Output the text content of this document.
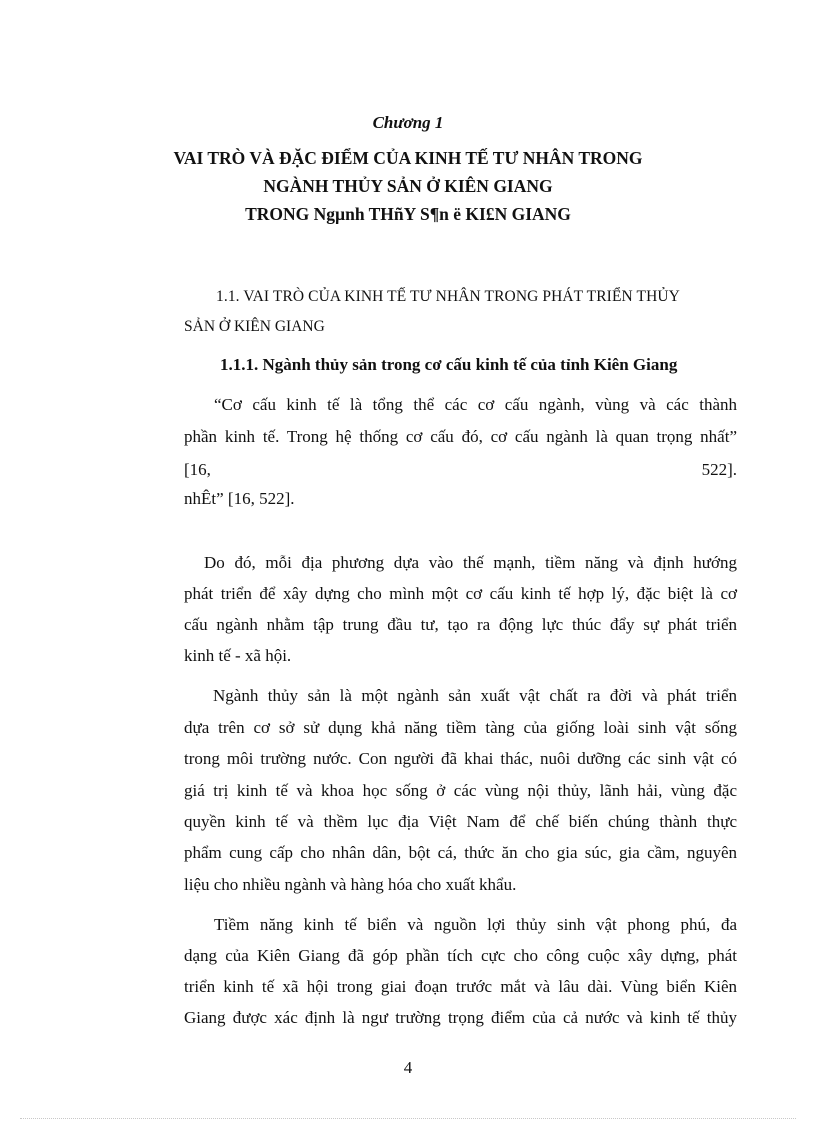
Chương 1

VAI TRÒ VÀ ĐẶC ĐIỂM CỦA KINH TẾ TƯ NHÂN TRONG

NGÀNH THỦY SẢN Ở KIÊN GIANG

TRONG Ngµnh THñY S¶n ë KI£N GIANG

1.1. VAI TRÒ CỦA KINH TẾ TƯ NHÂN TRONG PHÁT TRIỂN THỦY

SẢN Ở KIÊN GIANG

1.1.1. Ngành thủy sản trong cơ cấu kinh tế của tỉnh Kiên Giang

“Cơ cấu kinh tế là tổng thể các cơ cấu ngành, vùng và các thành

phần kinh tế. Trong hệ thống cơ cấu đó, cơ cấu ngành là quan trọng nhất”

[16,	522].

nhÊt” [16, 522].

Do đó, mỗi địa phương dựa vào thế mạnh, tiềm năng và định hướng

phát triển để xây dựng cho mình một cơ cấu kinh tế hợp lý, đặc biệt là cơ

cấu ngành nhằm tập trung đầu tư, tạo ra động lực thúc đẩy sự phát triển

kinh tế - xã hội.

Ngành thủy sản là một ngành sản xuất vật chất ra đời và phát triển

dựa trên cơ sở sử dụng khả năng tiềm tàng của giống loài sinh vật sống

trong môi trường nước. Con người đã khai thác, nuôi dưỡng các sinh vật có

giá trị kinh tế và khoa học sống ở các vùng nội thủy, lãnh hải, vùng đặc

quyền kinh tế và thềm lục địa Việt Nam để chế biến chúng thành thực

phẩm cung cấp cho nhân dân, bột cá, thức ăn cho gia súc, gia cầm, nguyên

liệu cho nhiều ngành và hàng hóa cho xuất khẩu.

Tiềm năng kinh tế biển và nguồn lợi thủy sinh vật phong phú, đa

dạng của Kiên Giang đã góp phần tích cực cho công cuộc xây dựng, phát

triển kinh tế xã hội trong giai đoạn trước mắt và lâu dài. Vùng biển Kiên

Giang được xác định là ngư trường trọng điểm của cả nước và kinh tế thủy

4
